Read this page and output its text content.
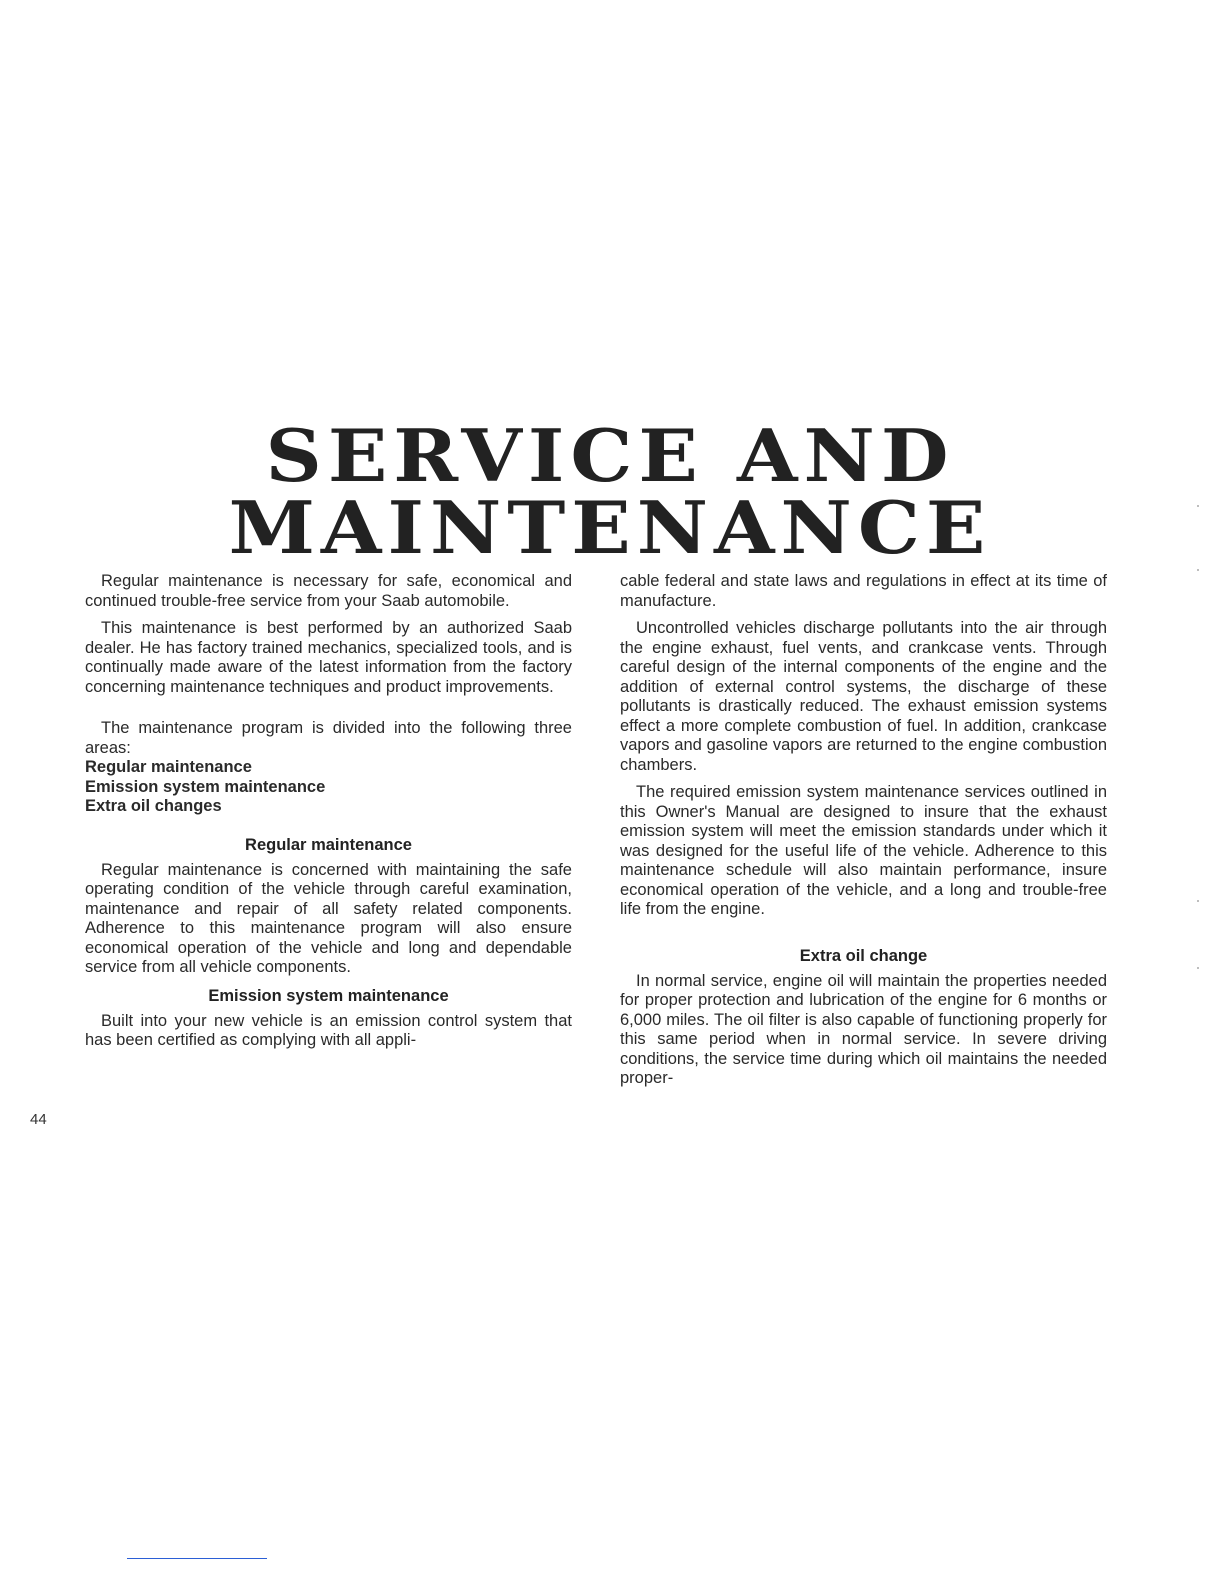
SERVICE AND
MAINTENANCE

Regular maintenance is necessary for safe, economical and continued trouble-free service from your Saab automobile.

This maintenance is best performed by an authorized Saab dealer. He has factory trained mechanics, specialized tools, and is continually made aware of the latest information from the factory concerning maintenance techniques and product improvements.

The maintenance program is divided into the following three areas:

Regular maintenance
Emission system maintenance
Extra oil changes
Regular maintenance

Regular maintenance is concerned with maintaining the safe operating condition of the vehicle through careful examination, maintenance and repair of all safety related components. Adherence to this maintenance program will also ensure economical operation of the vehicle and long and dependable service from all vehicle components.

Emission system maintenance

Built into your new vehicle is an emission control system that has been certified as complying with all appli-

cable federal and state laws and regulations in effect at its time of manufacture.

Uncontrolled vehicles discharge pollutants into the air through the engine exhaust, fuel vents, and crankcase vents. Through careful design of the internal components of the engine and the addition of external control systems, the discharge of these pollutants is drastically reduced. The exhaust emission systems effect a more complete combustion of fuel. In addition, crankcase vapors and gasoline vapors are returned to the engine combustion chambers.

The required emission system maintenance services outlined in this Owner's Manual are designed to insure that the exhaust emission system will meet the emission standards under which it was designed for the useful life of the vehicle. Adherence to this maintenance schedule will also maintain performance, insure economical operation of the vehicle, and a long and trouble-free life from the engine.

Extra oil change

In normal service, engine oil will maintain the properties needed for proper protection and lubrication of the engine for 6 months or 6,000 miles. The oil filter is also capable of functioning properly for this same period when in normal service. In severe driving conditions, the service time during which oil maintains the needed proper-

44
